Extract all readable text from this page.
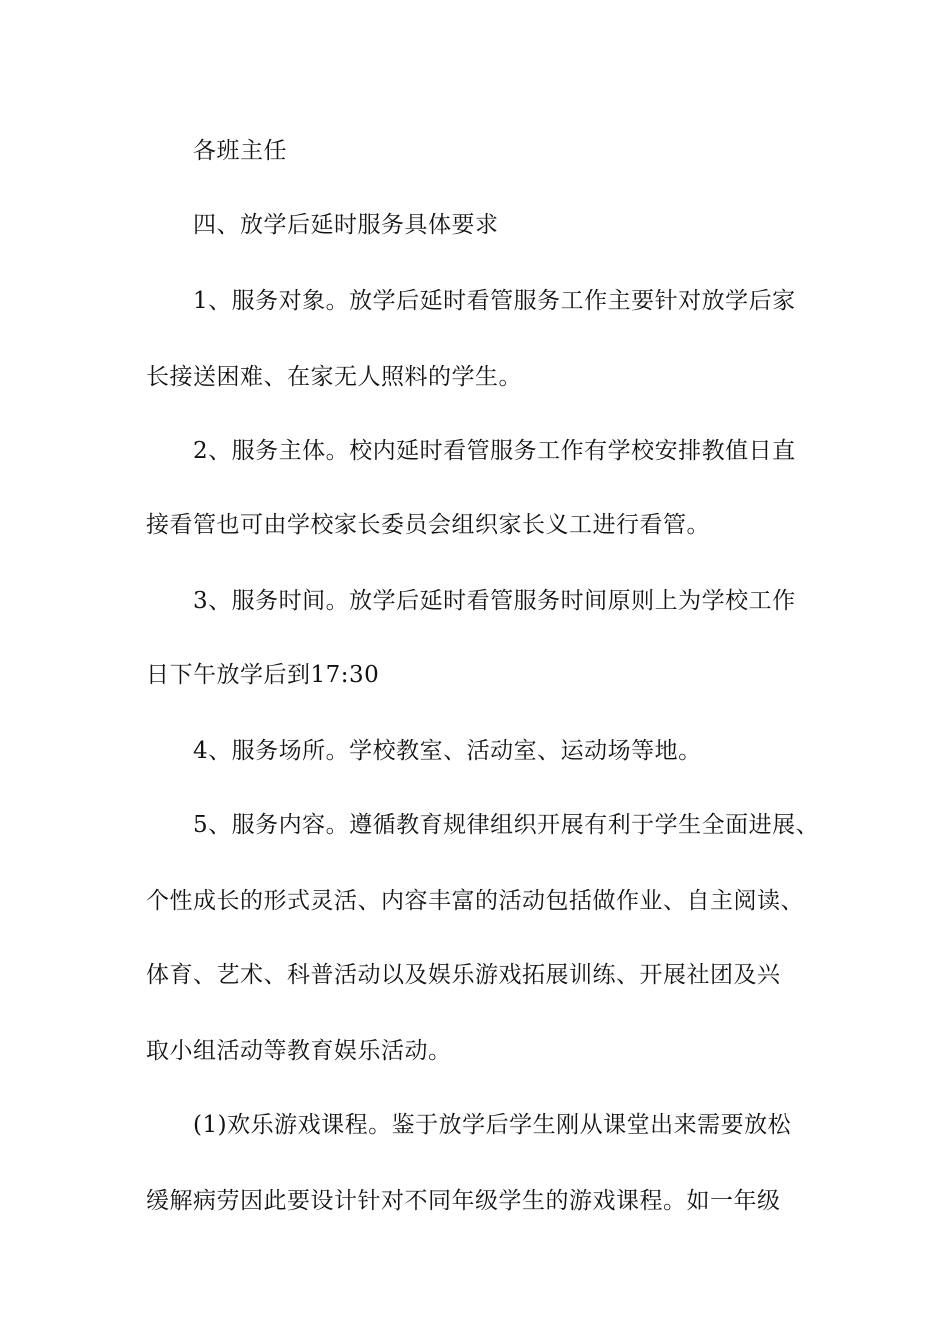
各班主任
四、放学后延时服务具体要求
1、服务对象。放学后延时看管服务工作主要针对放学后家
长接送困难、在家无人照料的学生。
2、服务主体。校内延时看管服务工作有学校安排教值日直
接看管也可由学校家长委员会组织家长义工进行看管。
3、服务时间。放学后延时看管服务时间原则上为学校工作
日下午放学后到17:30
4、服务场所。学校教室、活动室、运动场等地。
5、服务内容。遵循教育规律组织开展有利于学生全面进展、
个性成长的形式灵活、内容丰富的活动包括做作业、自主阅读、
体育、艺术、科普活动以及娱乐游戏拓展训练、开展社团及兴
取小组活动等教育娱乐活动。
(1)欢乐游戏课程。鉴于放学后学生刚从课堂出来需要放松
缓解病劳因此要设计针对不同年级学生的游戏课程。如一年级
